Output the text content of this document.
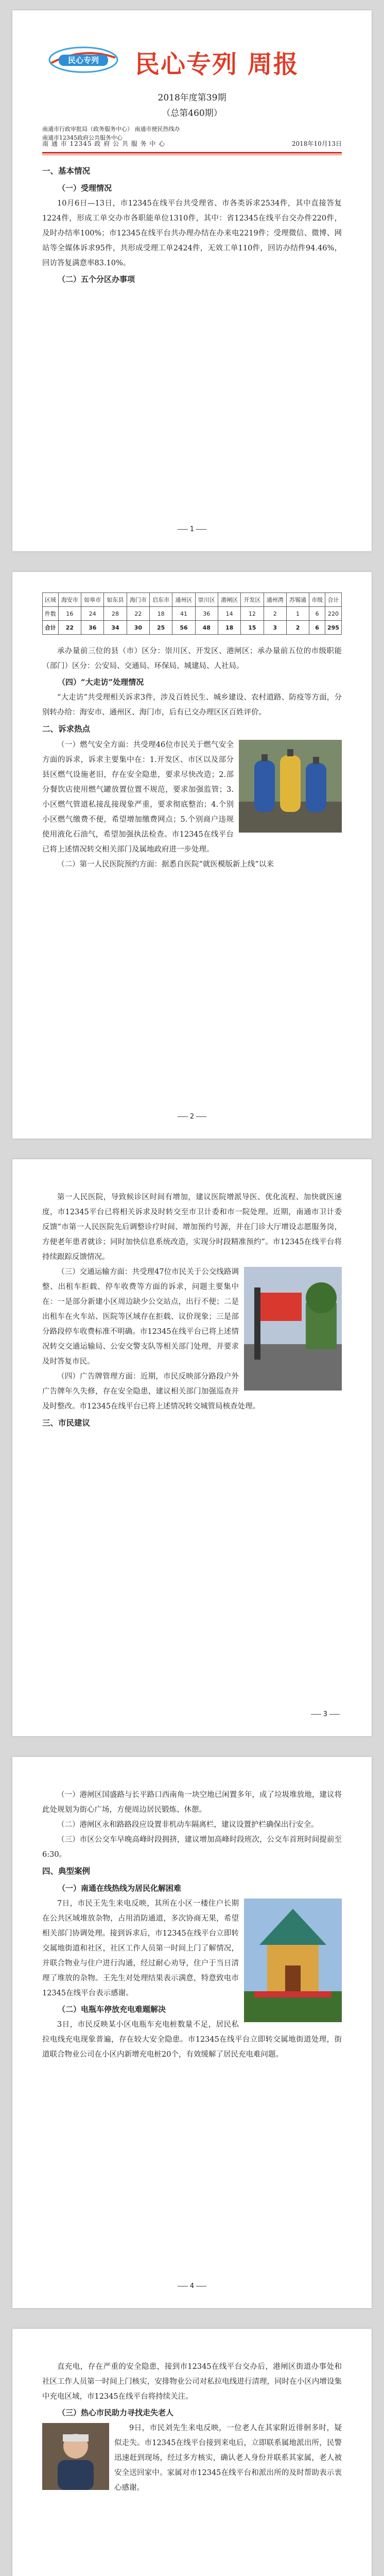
民心专列 民心专列 周报
2018年度第39期
（总第460期）
南通市行政审批局（政务服务中心） 南通市便民热线办
南通市12345政府公共服务中心
南 通 市 12345 政 府 公 共 服 务 中 心	2018年10月13日
一、基本情况
（一）受理情况

10月6日—13日，市12345在线平台共受理省、市各类诉求2534件，其中直接答复1224件，形成工单交办市各职能单位1310件，其中：省12345在线平台交办件220件，及时办结率100%；市12345在线平台共办理办结在办来电2219件；受理微信、微博、网站等全媒体诉求95件，共形成受理工单2424件，无效工单110件，回访办结件94.46%，回访答复满意率83.10%。

（二）五个分区办事项
1
区域	海安市	如皋市	如东县	海门市	启东市	通州区	崇川区	港闸区	开发区	通州湾	苏锡通	市级	合计
件数	16	24	28	22	18	41	36	14	12	2	1	6	220
合计	22	36	34	30	25	56	48	18	15	3	2	6	295

承办量前三位的县（市）区分：崇川区、开发区、港闸区；承办量前五位的市级职能（部门）区分：公安局、交通局、环保局、城建局、人社局。

（四）“大走访”处理情况

“大走访”共受理相关诉求3件，涉及百姓民生、城乡建设、农村道路、防疫等方面，分别转办给：海安市、通州区、海门市，后有已交办理区区百姓评价。

二、诉求热点

（一）燃气安全方面：共受理46位市民关于燃气安全方面的诉求，诉求主要集中在：1.开发区、市区以及部分县区燃气设施老旧，存在安全隐患，要求尽快改造；2.部分餐饮店使用燃气罐放置位置不规范，要求加强监管；3.小区燃气管道私接乱接现象严重，要求彻底整治；4.个别小区燃气缴费不便，希望增加缴费网点；5.个别商户违规使用液化石油气，希望加强执法检查。市12345在线平台已将上述情况转交相关部门及属地政府进一步处理。

（二）第一人民医院预约方面：据悉自医院“就医模版新上线”以来

2

第一人民医院，导致候诊区时间有增加，建议医院增派导医、优化流程、加快就医速度，市12345平台已将相关诉求及时转交至市卫计委和市一院处理。近期，南通市卫计委反馈“市第一人民医院先后调整诊疗时间、增加预约号源，并在门诊大厅增设志愿服务岗，方便老年患者就诊；同时加快信息系统改造，实现分时段精准预约”。市12345在线平台将持续跟踪反馈情况。

（三）交通运输方面：共受理47位市民关于公交线路调整、出租车拒载、停车收费等方面的诉求，问题主要集中在：一是部分新建小区周边缺少公交站点，出行不便；二是出租车在火车站、医院等区域存在拒载、议价现象；三是部分路段停车收费标准不明确。市12345在线平台已将上述情况转交交通运输局、公安交警支队等相关部门处理，并要求及时答复市民。

（四）广告牌管理方面：近期，市民反映部分路段户外广告牌年久失修，存在安全隐患，建议相关部门加强巡查并及时整改。市12345在线平台已将上述情况转交城管局核查处理。

三、市民建议
3

（一）港闸区国盛路与长平路口西南角一块空地已闲置多年，成了垃圾堆放地，建议将此处规划为街心广场，方便周边居民锻炼、休憩。

（二）港闸区永和路路段应设置非机动车隔离栏，建议设置护栏确保出行安全。

（三）市区公交车早晚高峰时段拥挤，建议增加高峰时段班次，公交车首班时间提前至6:30。

四、典型案例
（一）南通在线热线为居民化解困难

7日，市民王先生来电反映，其所在小区一楼住户长期在公共区域堆放杂物，占用消防通道，多次协商无果，希望相关部门协调处理。接到诉求后，市12345在线平台立即转交属地街道和社区，社区工作人员第一时间上门了解情况，并联合物业与住户进行沟通，经过耐心劝导，住户于当日清理了堆放的杂物。王先生对处理结果表示满意，特意致电市12345在线平台表示感谢。

（二）电瓶车停放充电难题解决

3日，市民反映某小区电瓶车充电桩数量不足，居民私拉电线充电现象普遍，存在较大安全隐患。市12345在线平台立即转交属地街道处理，街道联合物业公司在小区内新增充电桩20个，有效缓解了居民充电难问题。

4

直充电，存在严重的安全隐患，接到市12345在线平台交办后，港闸区街道办事处和社区工作人员第一时间上门核实，安排物业公司对私拉电线进行清理，同时在小区内增设集中充电区域，市12345在线平台将持续关注。

（三）热心市民助力寻找走失老人

9日，市民刘先生来电反映，一位老人在其家附近徘徊多时，疑似走失。市12345在线平台接到来电后，立即联系属地派出所，民警迅速赶到现场，经过多方核实，确认老人身份并联系其家属，老人被安全送回家中。家属对市12345在线平台和派出所的及时帮助表示衷心感谢。
